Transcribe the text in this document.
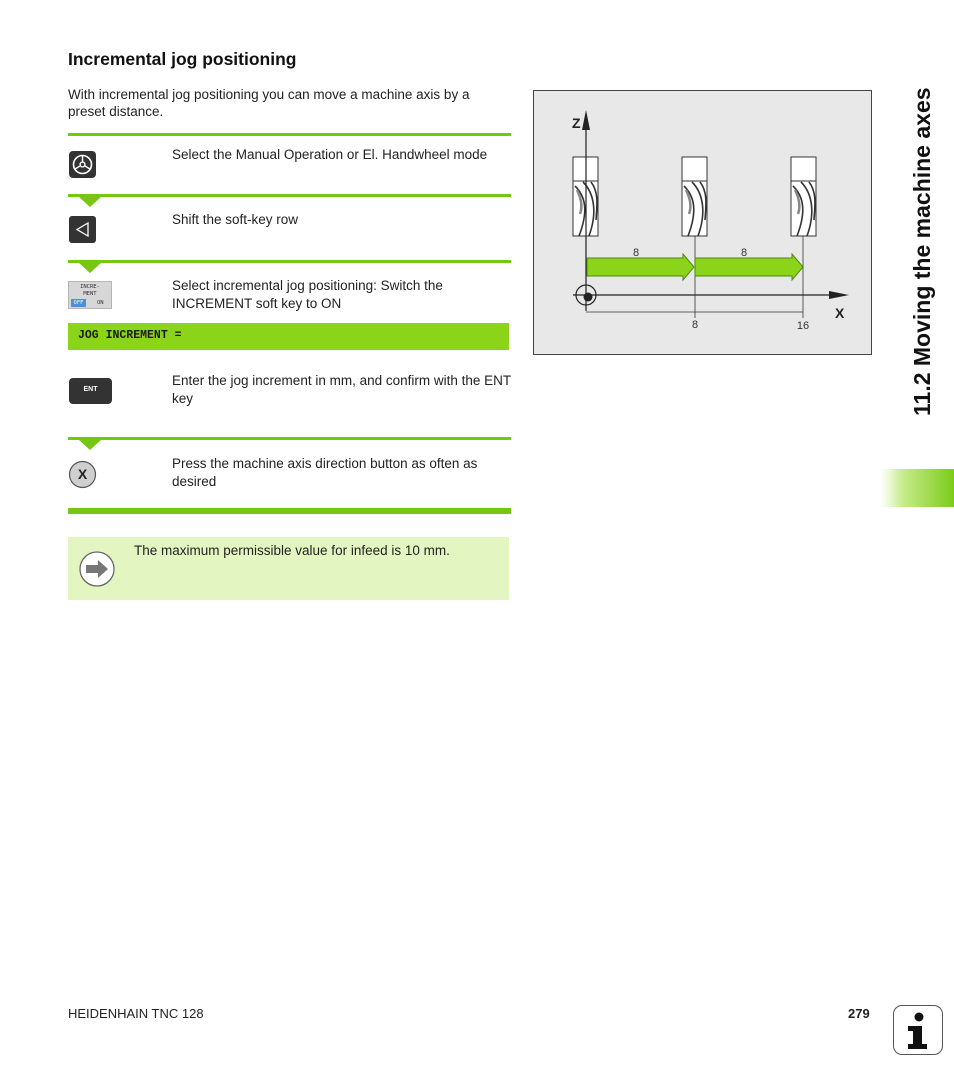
Incremental jog positioning
With incremental jog positioning you can move a machine axis by a preset distance.
Select the Manual Operation or El. Handwheel mode
Shift the soft-key row
INCRE-
MENT
OFF	ON
Select incremental jog positioning: Switch the INCREMENT soft key to ON
JOG INCREMENT =
ENT
Enter the jog increment in mm, and confirm with the ENT key
X
Press the machine axis direction button as often as desired
The maximum permissible value for infeed is 10 mm.
Z
X
8	8
8	16	11.2 Moving the machine axes
HEIDENHAIN TNC 128	279
